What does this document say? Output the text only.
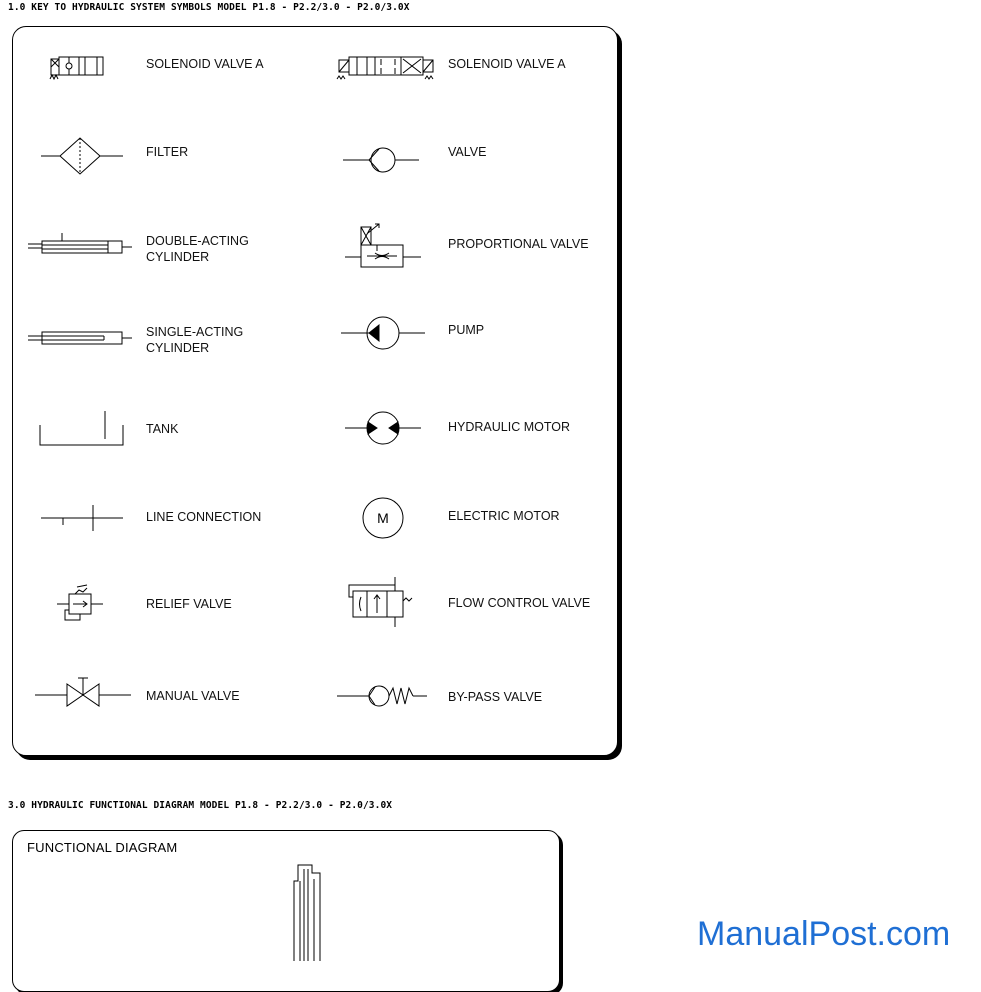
1.0 KEY TO HYDRAULIC SYSTEM SYMBOLS MODEL P1.8 - P2.2/3.0 - P2.0/3.0X
SOLENOID VALVE A
FILTER
DOUBLE-ACTING
CYLINDER
SINGLE-ACTING
CYLINDER
TANK
LINE CONNECTION
RELIEF VALVE
MANUAL VALVE
SOLENOID VALVE A
VALVE
PROPORTIONAL VALVE
PUMP
HYDRAULIC MOTOR
M	ELECTRIC MOTOR
FLOW CONTROL VALVE
BY-PASS VALVE
3.0 HYDRAULIC FUNCTIONAL DIAGRAM MODEL P1.8 - P2.2/3.0 - P2.0/3.0X
FUNCTIONAL DIAGRAM
ManualPost.com
